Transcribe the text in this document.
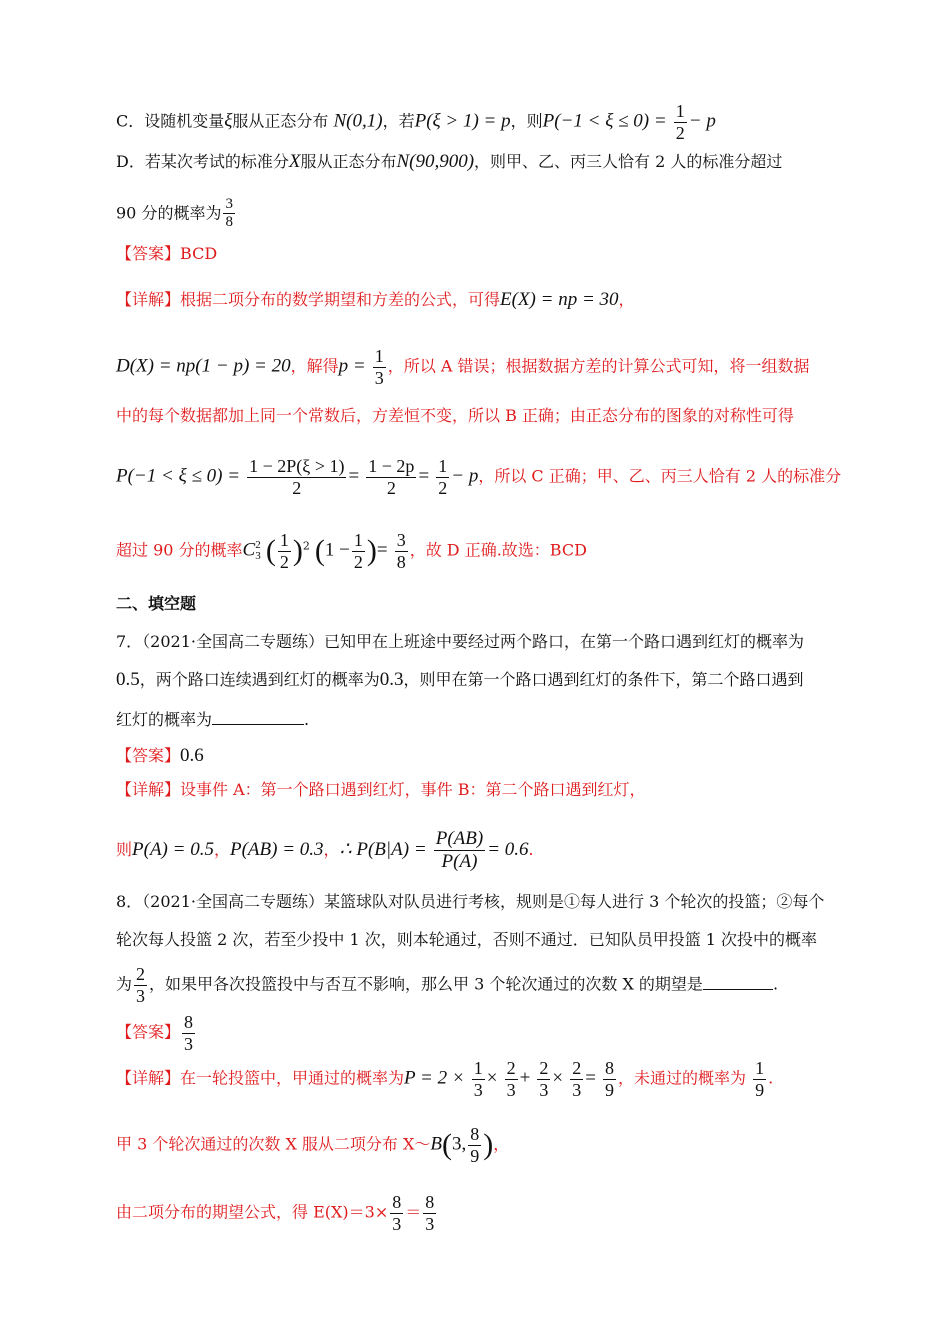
C．设随机变量ξ服从正态分布 N(0,1)，若P(ξ > 1) = p，则$P(-1 < \xi \le 0) = \frac{1}{2} - p$
D．若某次考试的标准分X服从正态分布N(90,900)，则甲、乙、丙三人恰有 2 人的标准分超过
90 分的概率为 $\frac{3}{8}$
【答案】BCD
【详解】根据二项分布的数学期望和方差的公式，可得E(X) = np = 30，
D(X) = np(1 − p) = 20，解得$p = \frac{1}{3}$ ，所以 A 错误；根据数据方差的计算公式可知，将一组数据
中的每个数据都加上同一个常数后，方差恒不变，所以 B 正确；由正态分布的图象的对称性可得
$P(-1 < \xi \le 0) = \frac{1 - 2P(\xi > 1)}{2} = \frac{1 - 2p}{2} = \frac{1}{2} - p$，所以 C 正确；甲、乙、丙三人恰有 2 人的标准分
超过 90 分的概率C 2
3 ( $\frac{1}{2} )^2$ ($1 - \frac{1}{2}$ )= $\frac{3}{8}$ ，故 D 正确.故选：BCD
二、填空题
7．（2021·全国高二专题练）已知甲在上班途中要经过两个路口，在第一个路口遇到红灯的概率为
0.5，两个路口连续遇到红灯的概率为0.3，则甲在第一个路口遇到红灯的条件下，第二个路口遇到
红灯的概率为	.
【答案】0.6
【详解】设事件 A：第一个路口遇到红灯，事件 B：第二个路口遇到红灯，
则P(A) = 0.5，P(AB) = 0.3，∴ $P(B|A) = \frac{P(AB)}{P(A)} = 0.6$.
8．（2021·全国高二专题练）某篮球队对队员进行考核，规则是①每人进行 3 个轮次的投篮；②每个
轮次每人投篮 2 次，若至少投中 1 次，则本轮通过，否则不通过．已知队员甲投篮 1 次投中的概率
为 $\frac{2}{3}$ ，如果甲各次投篮投中与否互不影响，那么甲 3 个轮次通过的次数 X 的期望是	.
【答案】 $\frac{8}{3}$
【详解】在一轮投篮中，甲通过的概率为$P = 2 \times \frac{1}{3} \times \frac{2}{3} + \frac{2}{3} \times \frac{2}{3} = \frac{8}{9}$ ，未通过的概率为 $\frac{1}{9}$ .
甲 3 个轮次通过的次数 X 服从二项分布 X～B(3, $\frac{8}{9}$ )，
由二项分布的期望公式，得 $E(X)=3\times \frac{8}{3} = \frac{8}{3}$
